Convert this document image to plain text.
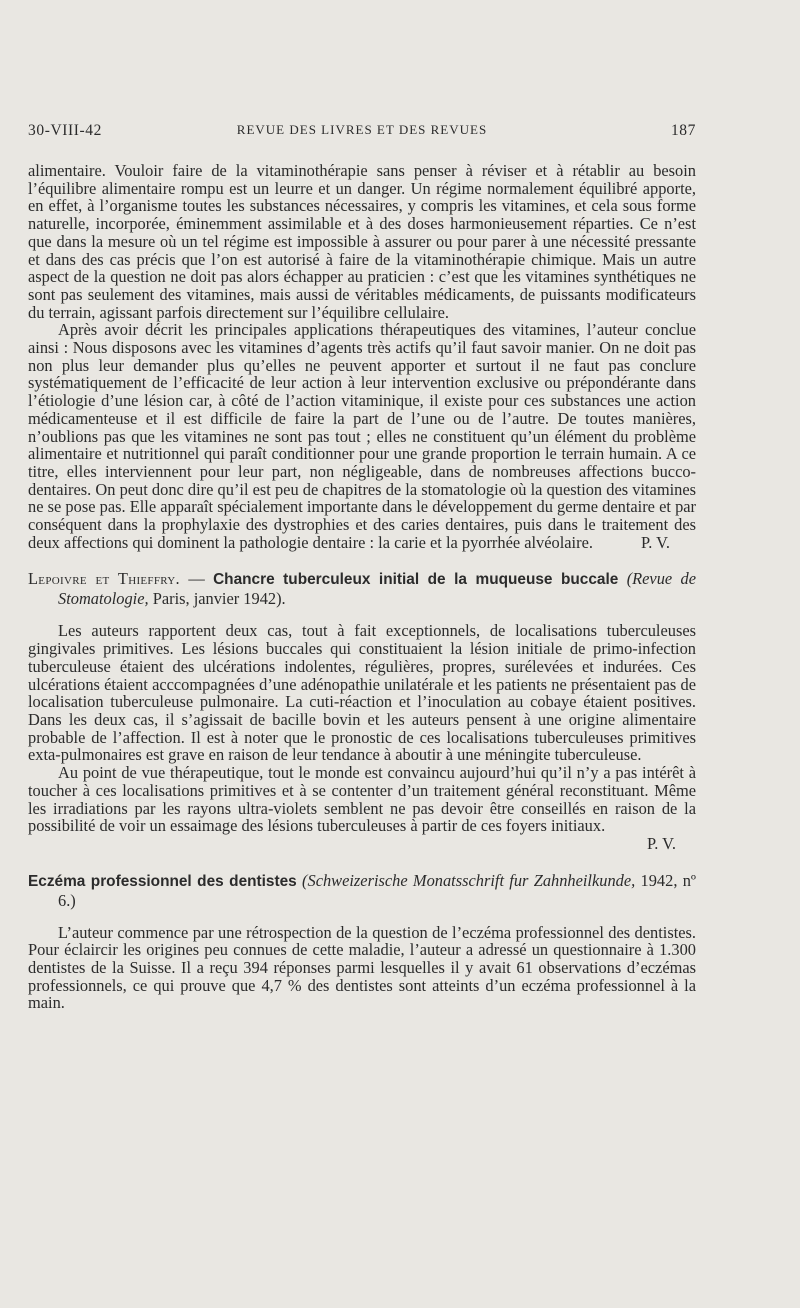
30-VIII-42	REVUE DES LIVRES ET DES REVUES	187

alimentaire. Vouloir faire de la vitaminothérapie sans penser à réviser et à rétablir au besoin l’équilibre alimentaire rompu est un leurre et un danger. Un régime normalement équilibré apporte, en effet, à l’organisme toutes les substances nécessaires, y compris les vitamines, et cela sous forme naturelle, incorporée, éminemment assimilable et à des doses harmonieusement réparties. Ce n’est que dans la mesure où un tel régime est impossible à assurer ou pour parer à une nécessité pressante et dans des cas précis que l’on est autorisé à faire de la vitaminothérapie chimique. Mais un autre aspect de la question ne doit pas alors échapper au praticien : c’est que les vitamines synthétiques ne sont pas seulement des vitamines, mais aussi de véritables médicaments, de puissants modificateurs du terrain, agissant parfois directement sur l’équilibre cellulaire.

Après avoir décrit les principales applications thérapeutiques des vitamines, l’auteur conclue ainsi : Nous disposons avec les vitamines d’agents très actifs qu’il faut savoir manier. On ne doit pas non plus leur demander plus qu’elles ne peuvent apporter et surtout il ne faut pas conclure systématiquement de l’efficacité de leur action à leur intervention exclusive ou prépondérante dans l’étiologie d’une lésion car, à côté de l’action vitaminique, il existe pour ces substances une action médicamenteuse et il est difficile de faire la part de l’une ou de l’autre. De toutes manières, n’oublions pas que les vitamines ne sont pas tout ; elles ne constituent qu’un élément du problème alimentaire et nutritionnel qui paraît conditionner pour une grande proportion le terrain humain. A ce titre, elles interviennent pour leur part, non négligeable, dans de nombreuses affections bucco-dentaires. On peut donc dire qu’il est peu de chapitres de la stomatologie où la question des vitamines ne se pose pas. Elle apparaît spécialement importante dans le développement du germe dentaire et par conséquent dans la prophylaxie des dystrophies et des caries dentaires, puis dans le traitement des deux affections qui dominent la pathologie dentaire : la carie et la pyorrhée alvéolaire.	P. V.

Lepoivre et Thieffry. — Chancre tuberculeux initial de la muqueuse buccale (Revue de Stomatologie, Paris, janvier 1942).

Les auteurs rapportent deux cas, tout à fait exceptionnels, de localisations tuberculeuses gingivales primitives. Les lésions buccales qui constituaient la lésion initiale de primo-infection tuberculeuse étaient des ulcérations indolentes, régulières, propres, surélevées et indurées. Ces ulcérations étaient acccompagnées d’une adénopathie unilatérale et les patients ne présentaient pas de localisation tuberculeuse pulmonaire. La cuti-réaction et l’inoculation au cobaye étaient positives. Dans les deux cas, il s’agissait de bacille bovin et les auteurs pensent à une origine alimentaire probable de l’affection. Il est à noter que le pronostic de ces localisations tuberculeuses primitives exta-pulmonaires est grave en raison de leur tendance à aboutir à une méningite tuberculeuse.

Au point de vue thérapeutique, tout le monde est convaincu aujourd’hui qu’il n’y a pas intérêt à toucher à ces localisations primitives et à se contenter d’un traitement général reconstituant. Même les irradiations par les rayons ultra-violets semblent ne pas devoir être conseillés en raison de la possibilité de voir un essaimage des lésions tuberculeuses à partir de ces foyers initiaux.

P. V.

Eczéma professionnel des dentistes (Schweizerische Monatsschrift fur Zahnheilkunde, 1942, nº 6.)

L’auteur commence par une rétrospection de la question de l’eczéma professionnel des dentistes. Pour éclaircir les origines peu connues de cette maladie, l’auteur a adressé un questionnaire à 1.300 dentistes de la Suisse. Il a reçu 394 réponses parmi lesquelles il y avait 61 observations d’eczémas professionnels, ce qui prouve que 4,7 % des dentistes sont atteints d’un eczéma professionnel à la main.
